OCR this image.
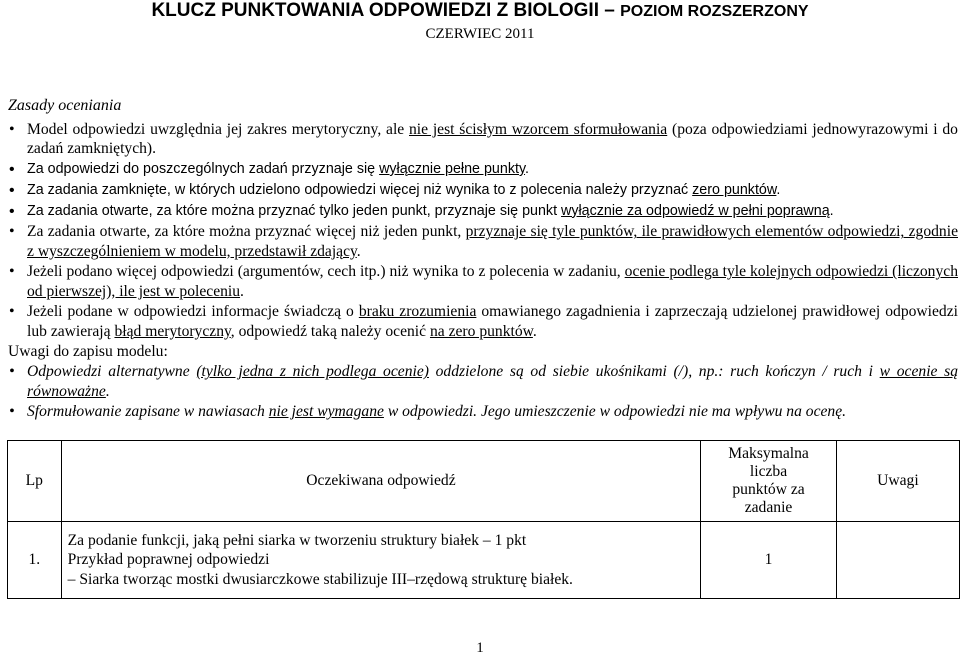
KLUCZ PUNKTOWANIA ODPOWIEDZI Z BIOLOGII – POZIOM ROZSZERZONY
CZERWIEC 2011
Zasady oceniania
• Model odpowiedzi uwzględnia jej zakres merytoryczny, ale nie jest ścisłym wzorcem sformułowania (poza odpowiedziami jednowyrazowymi i do zadań zamkniętych).
• Za odpowiedzi do poszczególnych zadań przyznaje się wyłącznie pełne punkty.
• Za zadania zamknięte, w których udzielono odpowiedzi więcej niż wynika to z polecenia należy przyznać zero punktów.
• Za zadania otwarte, za które można przyznać tylko jeden punkt, przyznaje się punkt wyłącznie za odpowiedź w pełni poprawną.
• Za zadania otwarte, za które można przyznać więcej niż jeden punkt, przyznaje się tyle punktów, ile prawidłowych elementów odpowiedzi, zgodnie z wyszczególnieniem w modelu, przedstawił zdający.
• Jeżeli podano więcej odpowiedzi (argumentów, cech itp.) niż wynika to z polecenia w zadaniu, ocenie podlega tyle kolejnych odpowiedzi (liczonych od pierwszej), ile jest w poleceniu.
• Jeżeli podane w odpowiedzi informacje świadczą o braku zrozumienia omawianego zagadnienia i zaprzeczają udzielonej prawidłowej odpowiedzi lub zawierają błąd merytoryczny, odpowiedź taką należy ocenić na zero punktów.
Uwagi do zapisu modelu:
• Odpowiedzi alternatywne (tylko jedna z nich podlega ocenie) oddzielone są od siebie ukośnikami (/), np.: ruch kończyn / ruch i w ocenie są równoważne.
• Sformułowanie zapisane w nawiasach nie jest wymagane w odpowiedzi. Jego umieszczenie w odpowiedzi nie ma wpływu na ocenę.
Lp	Oczekiwana odpowiedź	Maksymalna
liczba
punktów za
zadanie	Uwagi
1.	Za podanie funkcji, jaką pełni siarka w tworzeniu struktury białek – 1 pkt
Przykład poprawnej odpowiedzi
– Siarka tworząc mostki dwusiarczkowe stabilizuje III–rzędową strukturę białek.	1	
1
